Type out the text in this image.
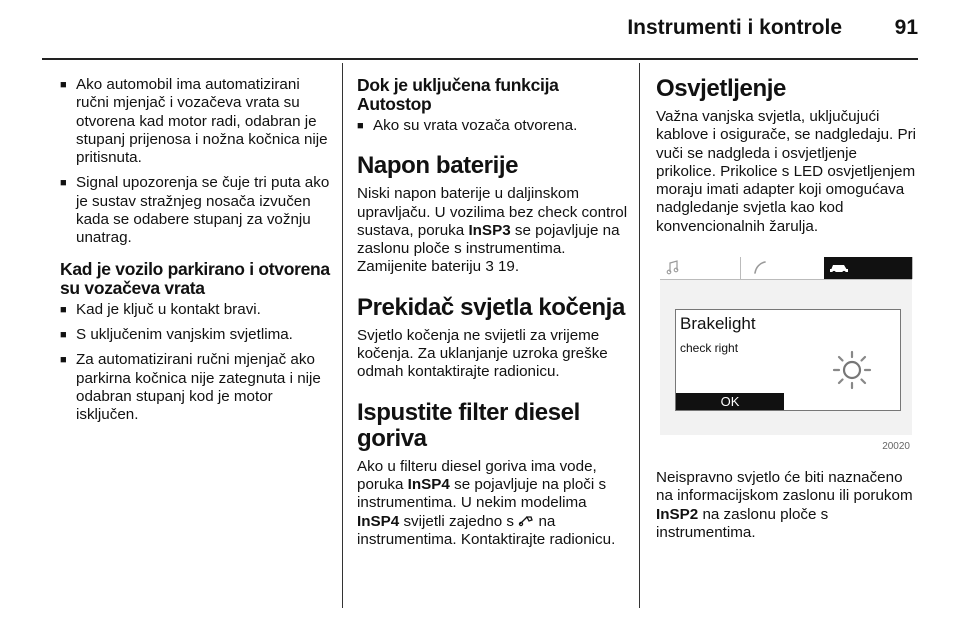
Instrumenti i kontrole	91
■ Ako automobil ima automatizirani ručni mjenjač i vozačeva vrata su otvorena kad motor radi, odabran je stupanj prijenosa i nožna kočnica nije pritisnuta.
■ Signal upozorenja se čuje tri puta ako je sustav stražnjeg nosača izvučen kada se odabere stupanj za vožnju unatrag.
Kad je vozilo parkirano i otvorena su vozačeva vrata
■ Kad je ključ u kontakt bravi.
■ S uključenim vanjskim svjetlima.
■ Za automatizirani ručni mjenjač ako parkirna kočnica nije zategnuta i nije odabran stupanj kod je motor isključen.
Dok je uključena funkcija Autostop
■ Ako su vrata vozača otvorena.
Napon baterije

Niski napon baterije u daljinskom upravljaču. U vozilima bez check control sustava, poruka InSP3 se pojavljuje na zaslonu ploče s instrumentima. Zamijenite bateriju 3 19.

Prekidač svjetla kočenja

Svjetlo kočenja ne svijetli za vrijeme kočenja. Za uklanjanje uzroka greške odmah kontaktirajte radionicu.

Ispustite filter diesel goriva

Ako u filteru diesel goriva ima vode, poruka InSP4 se pojavljuje na ploči s instrumentima. U nekim modelima InSP4 svijetli zajedno s  na instrumentima. Kontaktirajte radionicu.

Osvjetljenje

Važna vanjska svjetla, uključujući kablove i osigurače, se nadgledaju. Pri vuči se nadgleda i osvjetljenje prikolice. Prikolice s LED osvjetljenjem moraju imati adapter koji omogućava nadgledanje svjetla kao kod konvencionalnih žarulja.

Brakelight
check right
OK
20020

Neispravno svjetlo će biti naznačeno na informacijskom zaslonu ili porukom InSP2 na zaslonu ploče s instrumentima.
